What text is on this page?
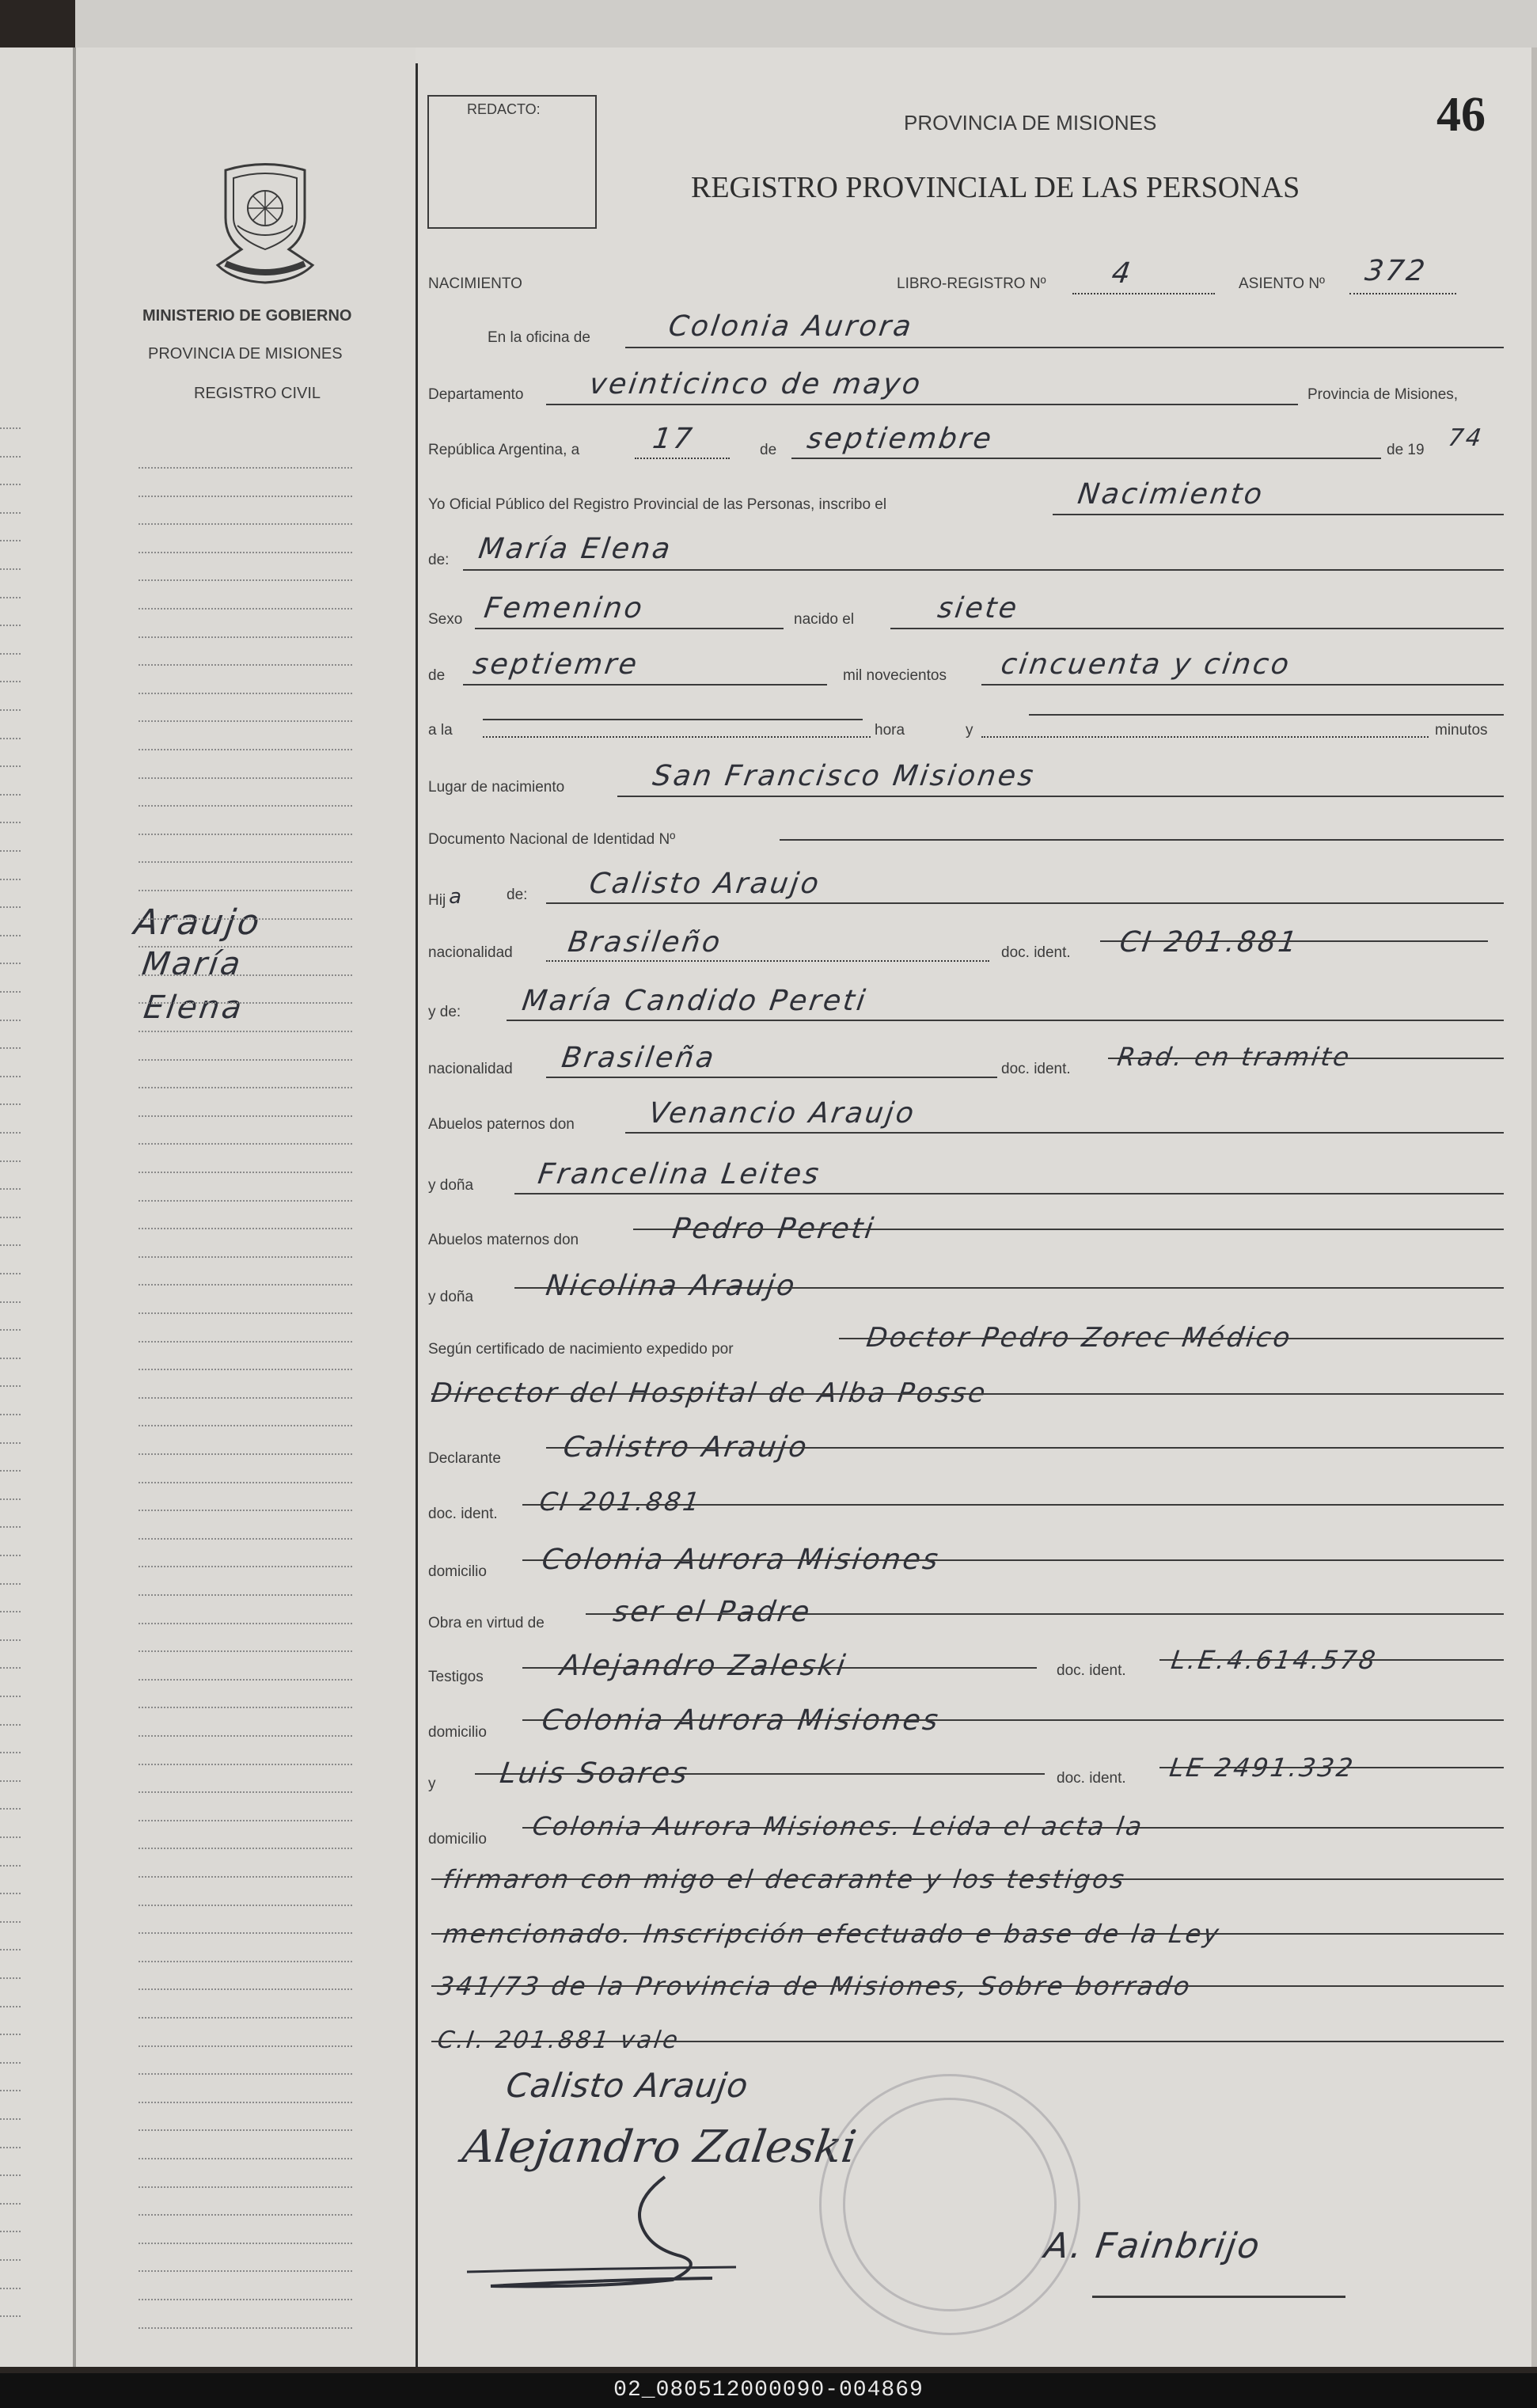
MINISTERIO DE GOBIERNO
PROVINCIA DE MISIONES
REGISTRO CIVIL
Araujo
María
Elena
REDACTO:
PROVINCIA DE MISIONES
REGISTRO PROVINCIAL DE LAS PERSONAS
46
NACIMIENTO	LIBRO-REGISTRO Nº 4	ASIENTO Nº 372
En la oficina de	Colonia Aurora
Departamento veinticinco de mayo	Provincia de Misiones,
República Argentina, a 17	de septiembre	de 19 74
Yo Oficial Público del Registro Provincial de las Personas, inscribo el	Nacimiento
de: María Elena
Sexo Femenino	nacido el	siete
de septiemre	mil novecientos cincuenta y cinco
a la	hora	y	minutos
Lugar de nacimiento	San Francisco Misiones
Documento Nacional de Identidad Nº
Hij a	de: Calisto Araujo
nacionalidad Brasileño	doc. ident. CI 201.881
y de: María Candido Pereti
nacionalidad Brasileña	doc. ident. Rad. en tramite
Abuelos paternos don	Venancio Araujo
y doña Francelina Leites
Abuelos maternos don	Pedro Pereti
y doña Nicolina Araujo
Según certificado de nacimiento expedido por	Doctor Pedro Zorec Médico
Director del Hospital de Alba Posse
Declarante Calistro Araujo
doc. ident. CI 201.881
domicilio Colonia Aurora Misiones
Obra en virtud de ser el Padre
Testigos	Alejandro Zaleski	doc. ident. L.E.4.614.578
domicilio Colonia Aurora Misiones
y Luis Soares	doc. ident. LE 2491.332
domicilio Colonia Aurora Misiones. Leida el acta la
firmaron con migo el decarante y los testigos
mencionado. Inscripción efectuado e base de la Ley
341/73 de la Provincia de Misiones, Sobre borrado
C.I. 201.881 vale
Calisto Araujo
Alejandro Zaleski
A. Fainbrijo
02_080512000090-004869
